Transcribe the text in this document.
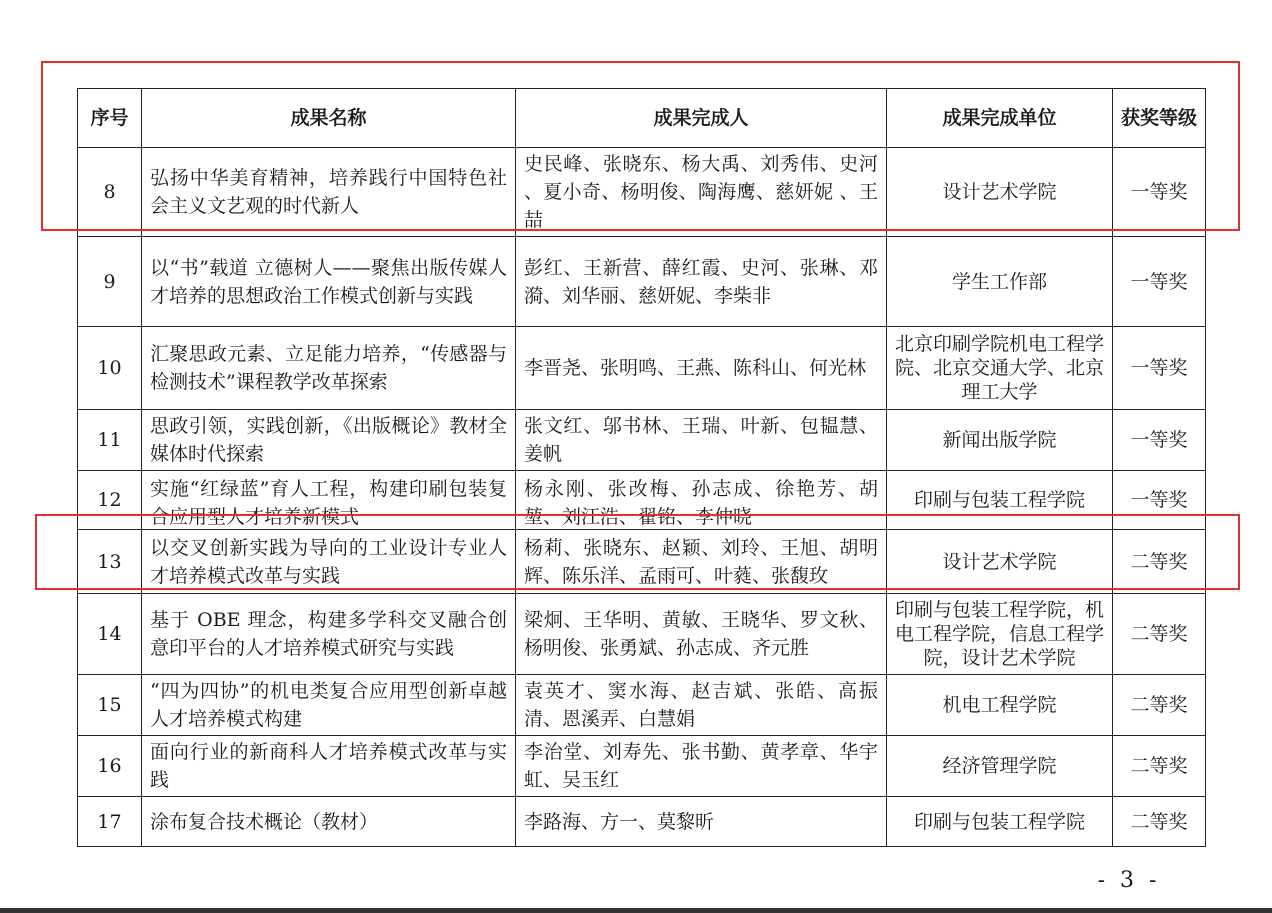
序号	成果名称	成果完成人	成果完成单位	获奖等级
8	弘扬中华美育精神，培养践行中国特色社会主义文艺观的时代新人	史民峰、张晓东、杨大禹、刘秀伟、史河 、夏小奇、杨明俊、陶海鹰、慈妍妮 、王喆	设计艺术学院	一等奖
9	以“书”载道 立德树人——聚焦出版传媒人才培养的思想政治工作模式创新与实践	彭红、王新营、薛红霞、史河、张琳、邓漪、刘华丽、慈妍妮、李柴非	学生工作部	一等奖
10	汇聚思政元素、立足能力培养，“传感器与检测技术”课程教学改革探索	李晋尧、张明鸣、王燕、陈科山、何光林	北京印刷学院机电工程学院、北京交通大学、北京理工大学	一等奖
11	思政引领，实践创新，《出版概论》教材全媒体时代探索	张文红、邬书林、王瑞、叶新、包韫慧、姜帆	新闻出版学院	一等奖
12	实施“红绿蓝”育人工程，构建印刷包装复合应用型人才培养新模式	杨永刚、张改梅、孙志成、徐艳芳、胡堃、刘江浩、翟铭、李仲晓	印刷与包装工程学院	一等奖
13	以交叉创新实践为导向的工业设计专业人才培养模式改革与实践	杨莉、张晓东、赵颖、刘玲、王旭、胡明辉、陈乐洋、孟雨可、叶蕤、张馥玫	设计艺术学院	二等奖
14	基于 OBE 理念，构建多学科交叉融合创意印平台的人才培养模式研究与实践	梁炯、王华明、黄敏、王晓华、罗文秋、杨明俊、张勇斌、孙志成、齐元胜	印刷与包装工程学院，机电工程学院，信息工程学院，设计艺术学院	二等奖
15	“四为四协”的机电类复合应用型创新卓越人才培养模式构建	袁英才、窦水海、赵吉斌、张皓、高振清、恩溪弄、白慧娟	机电工程学院	二等奖
16	面向行业的新商科人才培养模式改革与实践	李治堂、刘寿先、张书勤、黄孝章、华宇虹、吴玉红	经济管理学院	二等奖
17	涂布复合技术概论（教材）	李路海、方一、莫黎昕	印刷与包装工程学院	二等奖
- 3 -
